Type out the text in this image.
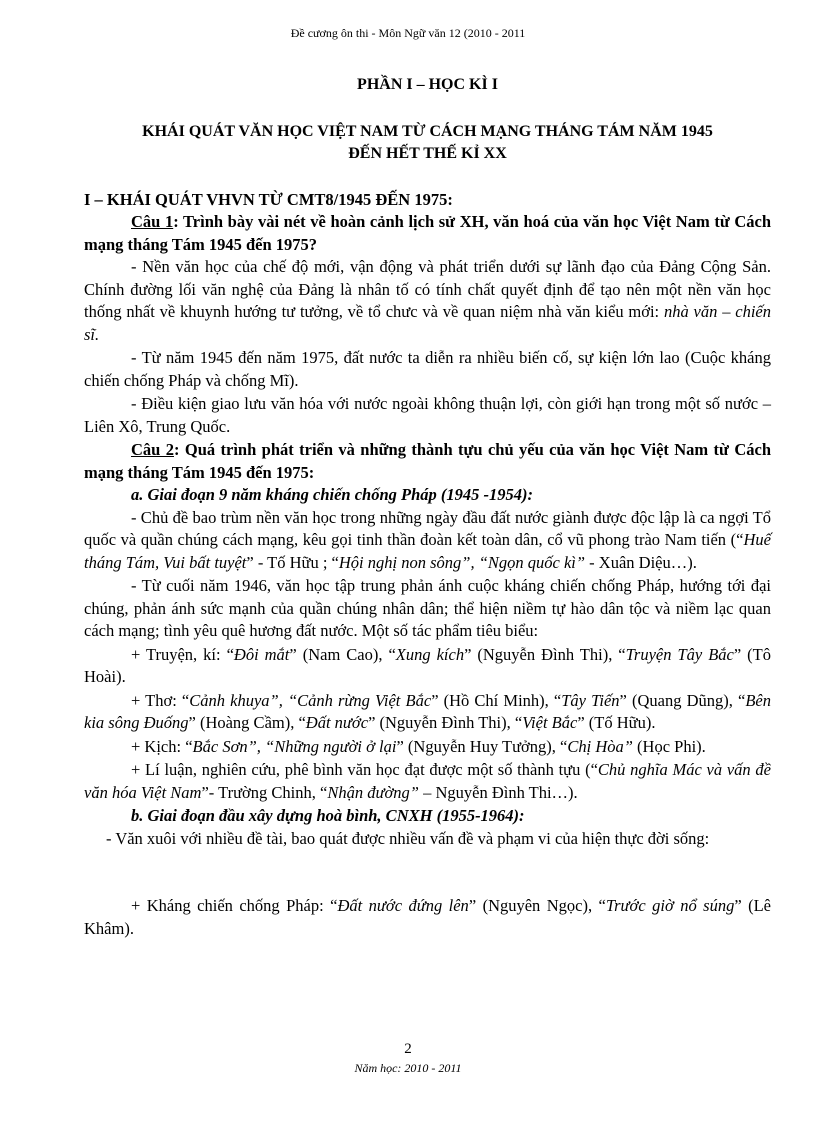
Đề cương ôn thi - Môn Ngữ văn 12 (2010 - 2011
PHẦN I – HỌC KÌ I
KHÁI QUÁT VĂN HỌC VIỆT NAM TỪ CÁCH MẠNG THÁNG TÁM NĂM 1945
ĐẾN HẾT THẾ KỈ XX
I – KHÁI QUÁT VHVN TỪ CMT8/1945 ĐẾN 1975:
Câu 1: Trình bày vài nét về hoàn cảnh lịch sử XH, văn hoá của văn học Việt Nam từ Cách mạng tháng Tám 1945 đến 1975?

- Nền văn học của chế độ mới, vận động và phát triển dưới sự lãnh đạo của Đảng Cộng Sản. Chính đường lối văn nghệ của Đảng là nhân tố có tính chất quyết định để tạo nên một nền văn học thống nhất về khuynh hướng tư tưởng, về tổ chưc và về quan niệm nhà văn kiểu mới: nhà văn – chiến sĩ.

- Từ năm 1945 đến năm 1975, đất nước ta diễn ra nhiều biến cố, sự kiện lớn lao (Cuộc kháng chiến chống Pháp và chống Mĩ).

- Điều kiện giao lưu văn hóa với nước ngoài không thuận lợi, còn giới hạn trong một số nước – Liên Xô, Trung Quốc.

Câu 2: Quá trình phát triển và những thành tựu chủ yếu của văn học Việt Nam từ Cách mạng tháng Tám 1945 đến 1975:
a. Giai đoạn 9 năm kháng chiến chống Pháp (1945 -1954):

- Chủ đề bao trùm nền văn học trong những ngày đầu đất nước giành được độc lập là ca ngợi Tổ quốc và quần chúng cách mạng, kêu gọi tinh thần đoàn kết toàn dân, cổ vũ phong trào Nam tiến (“Huế tháng Tám, Vui bất tuyệt” - Tố Hữu ; “Hội nghị non sông”, “Ngọn quốc kì” - Xuân Diệu…).

- Từ cuối năm 1946, văn học tập trung phản ánh cuộc kháng chiến chống Pháp, hướng tới đại chúng, phản ánh sức mạnh của quần chúng nhân dân; thể hiện niềm tự hào dân tộc và niềm lạc quan cách mạng; tình yêu quê hương đất nước. Một số tác phẩm tiêu biểu:

+ Truyện, kí: “Đôi mắt” (Nam Cao), “Xung kích” (Nguyễn Đình Thi), “Truyện Tây Bắc” (Tô Hoài).

+ Thơ: “Cảnh khuya”, “Cảnh rừng Việt Bắc” (Hồ Chí Minh), “Tây Tiến” (Quang Dũng), “Bên kia sông Đuống” (Hoàng Cầm), “Đất nước” (Nguyễn Đình Thi), “Việt Bắc” (Tố Hữu).

+ Kịch: “Bắc Sơn”, “Những người ở lại” (Nguyễn Huy Tưởng), “Chị Hòa” (Học Phi).

+ Lí luận, nghiên cứu, phê bình văn học đạt được một số thành tựu (“Chủ nghĩa Mác và vấn đề văn hóa Việt Nam”- Trường Chinh, “Nhận đường” – Nguyễn Đình Thi…).

b. Giai đoạn đầu xây dựng hoà bình, CNXH (1955-1964):

- Văn xuôi với nhiều đề tài, bao quát được nhiều vấn đề và phạm vi của hiện thực đời sống:

+ Kháng chiến chống Pháp: “Đất nước đứng lên” (Nguyên Ngọc), “Trước giờ nổ súng” (Lê Khâm).

2
Năm học: 2010 - 2011
